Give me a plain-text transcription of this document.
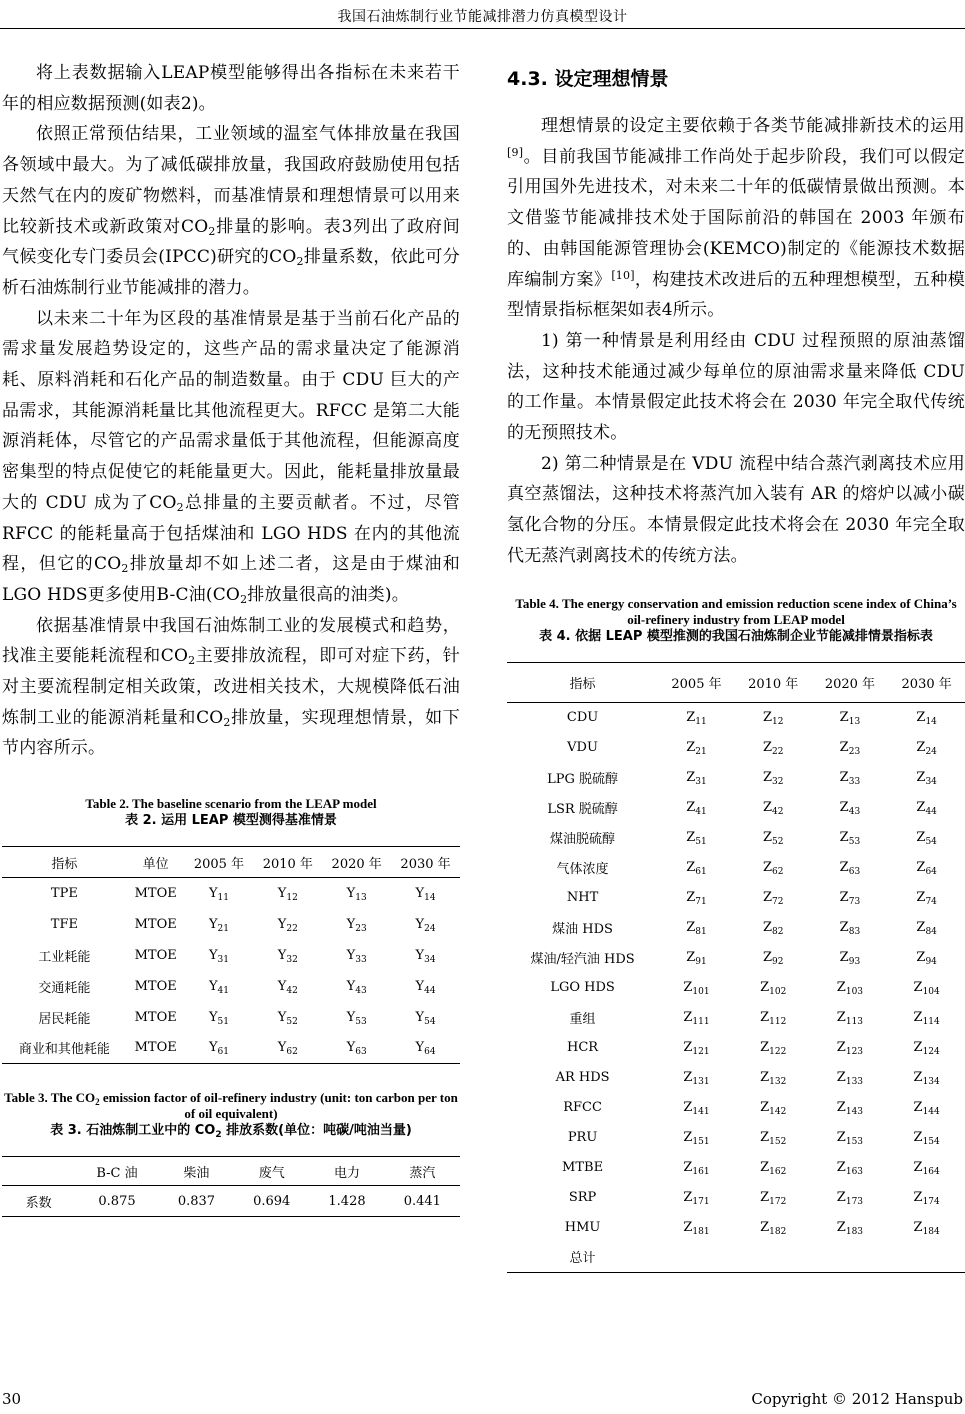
我国石油炼制行业节能减排潜力仿真模型设计

将上表数据输入LEAP模型能够得出各指标在未来若干年的相应数据预测(如表2)。

依照正常预估结果，工业领域的温室气体排放量在我国各领域中最大。为了减低碳排放量，我国政府鼓励使用包括天然气在内的废矿物燃料，而基准情景和理想情景可以用来比较新技术或新政策对$CO_2$排量的影响。表3列出了政府间气候变化专门委员会(IPCC)研究的$CO_2$排量系数，依此可分析石油炼制行业节能减排的潜力。

以未来二十年为区段的基准情景是基于当前石化产品的需求量发展趋势设定的，这些产品的需求量决定了能源消耗、原料消耗和石化产品的制造数量。由于 CDU 巨大的产品需求，其能源消耗量比其他流程更大。RFCC 是第二大能源消耗体，尽管它的产品需求量低于其他流程，但能源高度密集型的特点促使它的耗能量更大。因此，能耗量排放量最大的 CDU 成为了$CO_2$总排量的主要贡献者。不过，尽管 RFCC 的能耗量高于包括煤油和 LGO HDS 在内的其他流程，但它的$CO_2$排放量却不如上述二者，这是由于煤油和LGO HDS更多使用B-C油($CO_2$排放量很高的油类)。

依据基准情景中我国石油炼制工业的发展模式和趋势，找准主要能耗流程和$CO_2$主要排放流程，即可对症下药，针对主要流程制定相关政策，改进相关技术，大规模降低石油炼制工业的能源消耗量和$CO_2$排放量，实现理想情景，如下节内容所示。

Table 2. The baseline scenario from the LEAP model
表 2. 运用 LEAP 模型测得基准情景
指标	单位	2005 年	2010 年	2020 年	2030 年
TPE	MTOE	$Y_{11}$	$Y_{12}$	$Y_{13}$	$Y_{14}$
TFE	MTOE	$Y_{21}$	$Y_{22}$	$Y_{23}$	$Y_{24}$
工业耗能	MTOE	$Y_{31}$	$Y_{32}$	$Y_{33}$	$Y_{34}$
交通耗能	MTOE	$Y_{41}$	$Y_{42}$	$Y_{43}$	$Y_{44}$
居民耗能	MTOE	$Y_{51}$	$Y_{52}$	$Y_{53}$	$Y_{54}$
商业和其他耗能	MTOE	$Y_{61}$	$Y_{62}$	$Y_{63}$	$Y_{64}$
Table 3. The $CO_2$ emission factor of oil-refinery industry (unit: ton carbon per ton of oil equivalent)
表 3. 石油炼制工业中的 $CO_2$ 排放系数(单位：吨碳/吨油当量)
	B-C 油	柴油	废气	电力	蒸汽
系数	0.875	0.837	0.694	1.428	0.441
4.3. 设定理想情景

理想情景的设定主要依赖于各类节能减排新技术的运用[9]。目前我国节能减排工作尚处于起步阶段，我们可以假定引用国外先进技术，对未来二十年的低碳情景做出预测。本文借鉴节能减排技术处于国际前沿的韩国在 2003 年颁布的、由韩国能源管理协会(KEMCO)制定的《能源技术数据库编制方案》[10]，构建技术改进后的五种理想模型，五种模型情景指标框架如表4所示。

1) 第一种情景是利用经由 CDU 过程预照的原油蒸馏法，这种技术能通过减少每单位的原油需求量来降低 CDU 的工作量。本情景假定此技术将会在 2030 年完全取代传统的无预照技术。

2) 第二种情景是在 VDU 流程中结合蒸汽剥离技术应用真空蒸馏法，这种技术将蒸汽加入装有 AR 的熔炉以减小碳氢化合物的分压。本情景假定此技术将会在 2030 年完全取代无蒸汽剥离技术的传统方法。

Table 4. The energy conservation and emission reduction scene index of China’s oil-refinery industry from LEAP model
表 4. 依据 LEAP 模型推测的我国石油炼制企业节能减排情景指标表
指标	2005 年	2010 年	2020 年	2030 年
CDU	$Z_{11}$	$Z_{12}$	$Z_{13}$	$Z_{14}$
VDU	$Z_{21}$	$Z_{22}$	$Z_{23}$	$Z_{24}$
LPG 脱硫醇	$Z_{31}$	$Z_{32}$	$Z_{33}$	$Z_{34}$
LSR 脱硫醇	$Z_{41}$	$Z_{42}$	$Z_{43}$	$Z_{44}$
煤油脱硫醇	$Z_{51}$	$Z_{52}$	$Z_{53}$	$Z_{54}$
气体浓度	$Z_{61}$	$Z_{62}$	$Z_{63}$	$Z_{64}$
NHT	$Z_{71}$	$Z_{72}$	$Z_{73}$	$Z_{74}$
煤油 HDS	$Z_{81}$	$Z_{82}$	$Z_{83}$	$Z_{84}$
煤油/轻汽油 HDS	$Z_{91}$	$Z_{92}$	$Z_{93}$	$Z_{94}$
LGO HDS	$Z_{101}$	$Z_{102}$	$Z_{103}$	$Z_{104}$
重组	$Z_{111}$	$Z_{112}$	$Z_{113}$	$Z_{114}$
HCR	$Z_{121}$	$Z_{122}$	$Z_{123}$	$Z_{124}$
AR HDS	$Z_{131}$	$Z_{132}$	$Z_{133}$	$Z_{134}$
RFCC	$Z_{141}$	$Z_{142}$	$Z_{143}$	$Z_{144}$
PRU	$Z_{151}$	$Z_{152}$	$Z_{153}$	$Z_{154}$
MTBE	$Z_{161}$	$Z_{162}$	$Z_{163}$	$Z_{164}$
SRP	$Z_{171}$	$Z_{172}$	$Z_{173}$	$Z_{174}$
HMU	$Z_{181}$	$Z_{182}$	$Z_{183}$	$Z_{184}$
总计				
30	Copyright © 2012 Hanspub
